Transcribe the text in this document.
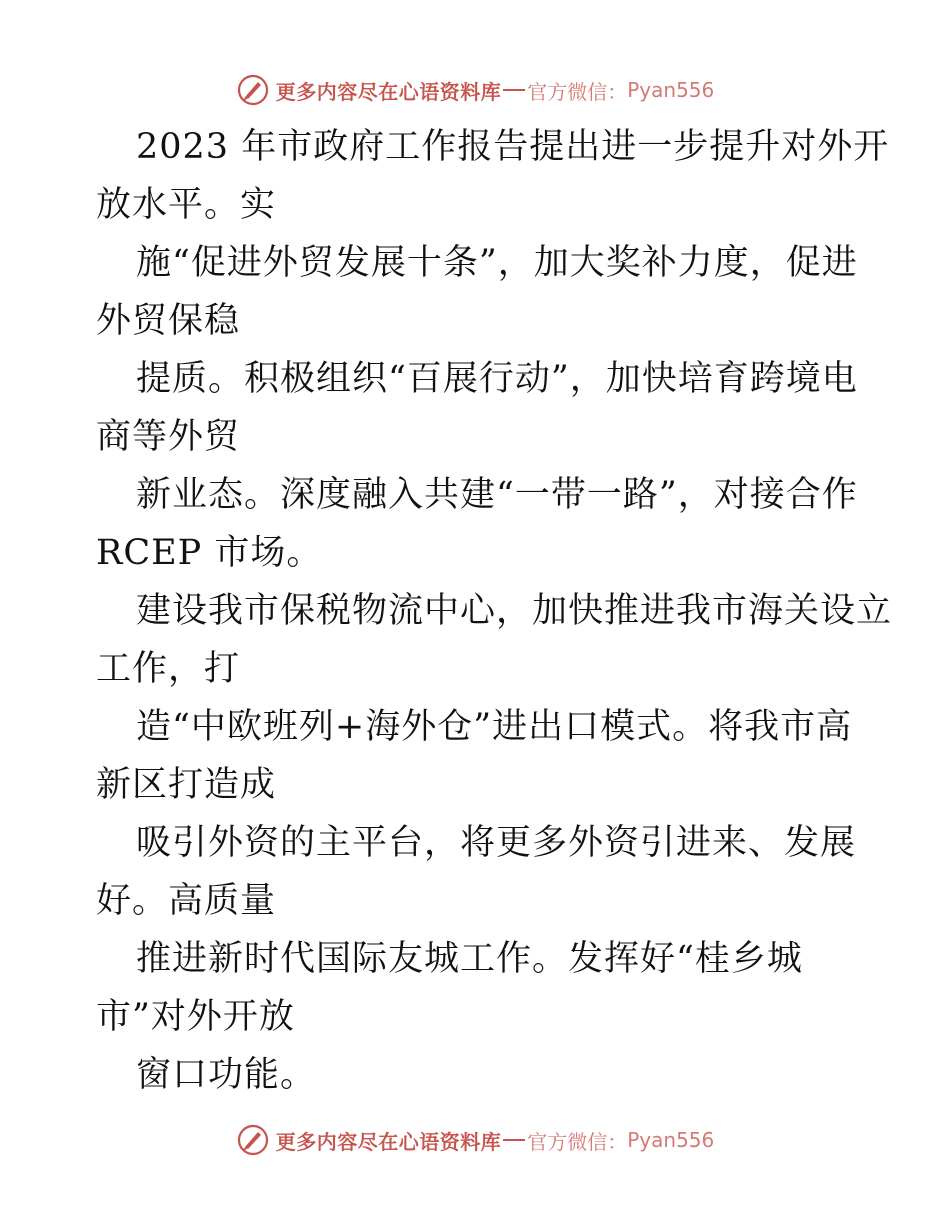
更多内容尽在心语资料库 官方微信： Pyan556
2023 年市政府工作报告提出进一步提升对外开
放水平。实
施“促进外贸发展十条”，加大奖补力度，促进
外贸保稳
提质。积极组织“百展行动”，加快培育跨境电
商等外贸
新业态。深度融入共建“一带一路”，对接合作
RCEP 市场。
建设我市保税物流中心，加快推进我市海关设立
工作，打
造“中欧班列+海外仓”进出口模式。将我市高
新区打造成
吸引外资的主平台，将更多外资引进来、发展
好。高质量
推进新时代国际友城工作。发挥好“桂乡城
市”对外开放
窗口功能。
更多内容尽在心语资料库 官方微信： Pyan556
